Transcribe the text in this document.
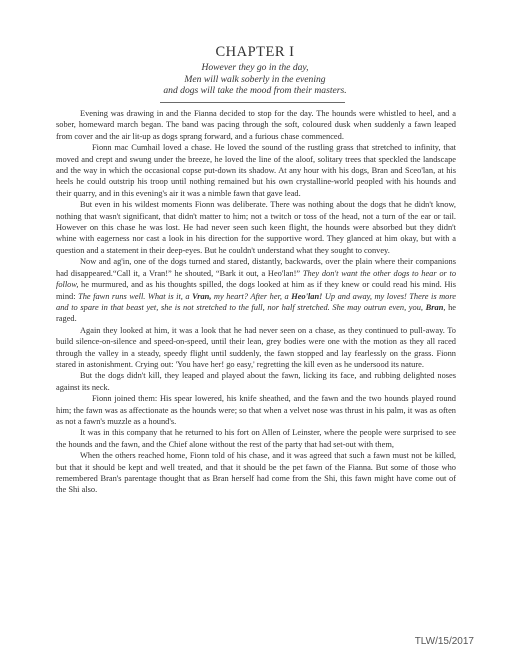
CHAPTER I
However they go in the day,
Men will walk soberly in the evening
and dogs will take the mood from their masters.

Evening was drawing in and the Fianna decided to stop for the day. The hounds were whistled to heel, and a sober, homeward march began. The band was pacing through the soft, coloured dusk when suddenly a fawn leaped from cover and the air lit-up as dogs sprang forward, and a furious chase commenced.

Fionn mac Cumhail loved a chase. He loved the sound of the rustling grass that stretched to infinity, that moved and crept and swung under the breeze, he loved the line of the aloof, solitary trees that speckled the landscape and the way in which the occasional copse put-down its shadow. At any hour with his dogs, Bran and Sceo'lan, at his heels he could outstrip his troop until nothing remained but his own crystalline-world peopled with his hounds and their quarry, and in this evening's air it was a nimble fawn that gave lead.

But even in his wildest moments Fionn was deliberate. There was nothing about the dogs that he didn't know, nothing that wasn't significant, that didn't matter to him; not a twitch or toss of the head, not a turn of the ear or tail. However on this chase he was lost. He had never seen such keen flight, the hounds were absorbed but they didn't whine with eagerness nor cast a look in his direction for the supportive word. They glanced at him okay, but with a question and a statement in their deep-eyes. But he couldn't understand what they sought to convey.

Now and ag'in, one of the dogs turned and stared, distantly, backwards, over the plain where their companions had disappeared.“Call it, a Vran!” he shouted, “Bark it out, a Heo'lan!” They don't want the other dogs to hear or to follow, he murmured, and as his thoughts spilled, the dogs looked at him as if they knew or could read his mind. His mind: The fawn runs well. What is it, a Vran, my heart? After her, a Heo'lan! Up and away, my loves! There is more and to spare in that beast yet, she is not stretched to the full, nor half stretched. She may outrun even, you, Bran, he raged.

Again they looked at him, it was a look that he had never seen on a chase, as they continued to pull-away. To build silence-on-silence and speed-on-speed, until their lean, grey bodies were one with the motion as they all raced through the valley in a steady, speedy flight until suddenly, the fawn stopped and lay fearlessly on the grass. Fionn stared in astonishment. Crying out: 'You have her! go easy,' regretting the kill even as he undersood its nature.

But the dogs didn't kill, they leaped and played about the fawn, licking its face, and rubbing delighted noses against its neck.

Fionn joined them: His spear lowered, his knife sheathed, and the fawn and the two hounds played round him; the fawn was as affectionate as the hounds were; so that when a velvet nose was thrust in his palm, it was as often as not a fawn's muzzle as a hound's.

It was in this company that he returned to his fort on Allen of Leinster, where the people were surprised to see the hounds and the fawn, and the Chief alone without the rest of the party that had set-out with them,

When the others reached home, Fionn told of his chase, and it was agreed that such a fawn must not be killed, but that it should be kept and well treated, and that it should be the pet fawn of the Fianna. But some of those who remembered Bran's parentage thought that as Bran herself had come from the Shi, this fawn might have come out of the Shi also.

TLW/15/2017
